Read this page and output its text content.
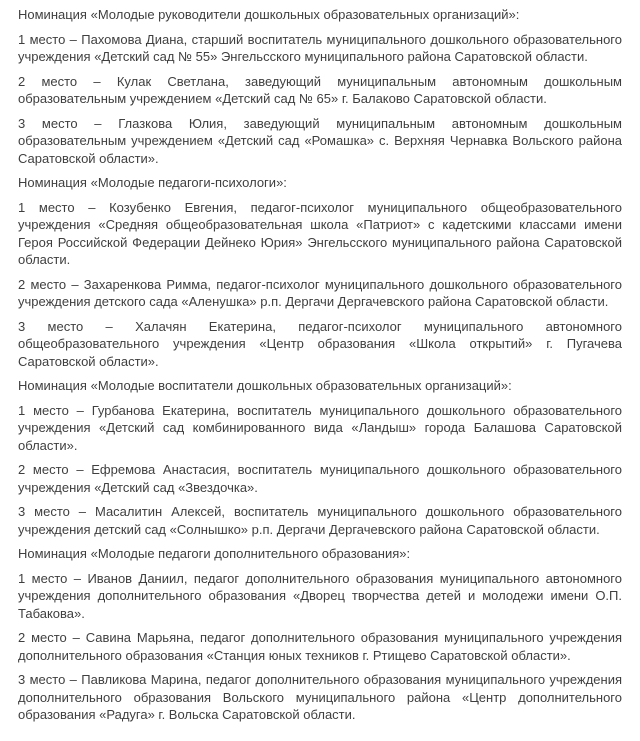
Номинация «Молодые руководители дошкольных образовательных организаций»:

1 место – Пахомова Диана, старший воспитатель муниципального дошкольного образовательного учреждения «Детский сад № 55» Энгельсского муниципального района Саратовской области.

2 место – Кулак Светлана, заведующий муниципальным автономным дошкольным образовательным учреждением «Детский сад № 65» г. Балаково Саратовской области.

3 место – Глазкова Юлия, заведующий муниципальным автономным дошкольным образовательным учреждением «Детский сад «Ромашка» с. Верхняя Чернавка Вольского района Саратовской области».

Номинация «Молодые педагоги-психологи»:

1 место – Козубенко Евгения, педагог-психолог муниципального общеобразовательного учреждения «Средняя общеобразовательная школа «Патриот» с кадетскими классами имени Героя Российской Федерации Дейнеко Юрия» Энгельсского муниципального района Саратовской области.

2 место – Захаренкова Римма, педагог-психолог муниципального дошкольного образовательного учреждения детского сада «Аленушка» р.п. Дергачи Дергачевского района Саратовской области.

3 место – Халачян Екатерина, педагог-психолог муниципального автономного общеобразовательного учреждения «Центр образования «Школа открытий» г. Пугачева Саратовской области».

Номинация «Молодые воспитатели дошкольных образовательных организаций»:

1 место – Гурбанова Екатерина, воспитатель муниципального дошкольного образовательного учреждения «Детский сад комбинированного вида «Ландыш» города Балашова Саратовской области».

2 место – Ефремова Анастасия, воспитатель муниципального дошкольного образовательного учреждения «Детский сад «Звездочка».

3 место – Масалитин Алексей, воспитатель муниципального дошкольного образовательного учреждения детский сад «Солнышко» р.п. Дергачи Дергачевского района Саратовской области.

Номинация «Молодые педагоги дополнительного образования»:

1 место – Иванов Даниил, педагог дополнительного образования муниципального автономного учреждения дополнительного образования «Дворец творчества детей и молодежи имени О.П. Табакова».

2 место – Савина Марьяна, педагог дополнительного образования муниципального учреждения дополнительного образования «Станция юных техников г. Ртищево Саратовской области».

3 место – Павликова Марина, педагог дополнительного образования муниципального учреждения дополнительного образования Вольского муниципального района «Центр дополнительного образования «Радуга» г. Вольска Саратовской области.
